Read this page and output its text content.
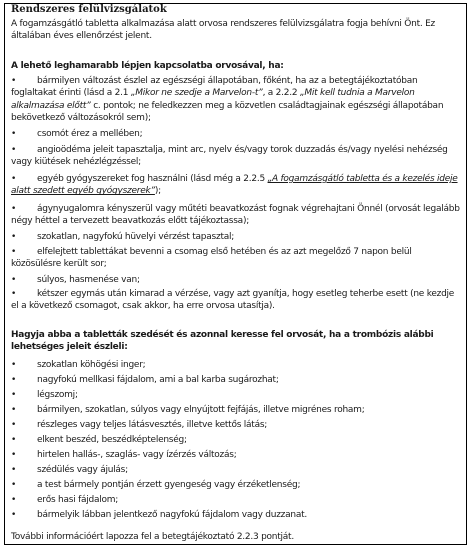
Rendszeres felülvizsgálatok
A fogamzásgátló tabletta alkalmazása alatt orvosa rendszeres felülvizsgálatra fogja behívni Önt. Ez általában éves ellenőrzést jelent.
A lehető leghamarabb lépjen kapcsolatba orvosával, ha:
•	bármilyen változást észlel az egészségi állapotában, főként, ha az a betegtájékoztatóban foglaltakat érinti (lásd a 2.1 „Mikor ne szedje a Marvelon-t”, a 2.2.2 „Mit kell tudnia a Marvelon alkalmazása előtt” c. pontok; ne feledkezzen meg a közvetlen családtagjainak egészségi állapotában bekövetkező változásokról sem);
• csomót érez a mellében;
•	angioödéma jeleit tapasztalja, mint arc, nyelv és/vagy torok duzzadás és/vagy nyelési nehézség vagy kiütések nehézlégzéssel;
•	egyéb gyógyszereket fog használni (lásd még a 2.2.5 „A fogamzásgátló tabletta és a kezelés ideje alatt szedett egyéb gyógyszerek”);
•	ágynyugalomra kényszerül vagy műtéti beavatkozást fognak végrehajtani Önnél (orvosát legalább négy héttel a tervezett beavatkozás előtt tájékoztassa);
• szokatlan, nagyfokú hüvelyi vérzést tapasztal;
•	elfelejtett tablettákat bevenni a csomag első hetében és az azt megelőző 7 napon belül közösülésre került sor;
• súlyos, hasmenése van;
•	kétszer egymás után kimarad a vérzése, vagy azt gyanítja, hogy esetleg teherbe esett (ne kezdje el a következő csomagot, csak akkor, ha erre orvosa utasítja).
Hagyja abba a tabletták szedését és azonnal keresse fel orvosát, ha a trombózis alábbi lehetséges jeleit észleli:
• szokatlan köhögési inger;
• nagyfokú mellkasi fájdalom, ami a bal karba sugározhat;
• légszomj;
• bármilyen, szokatlan, súlyos vagy elnyújtott fejfájás, illetve migrénes roham;
• részleges vagy teljes látásvesztés, illetve kettős látás;
• elkent beszéd, beszédképtelenség;
• hirtelen hallás-, szaglás- vagy ízérzés változás;
• szédülés vagy ájulás;
• a test bármely pontján érzett gyengeség vagy érzéketlenség;
• erős hasi fájdalom;
• bármelyik lábban jelentkező nagyfokú fájdalom vagy duzzanat.
További információért lapozza fel a betegtájékoztató 2.2.3 pontját.
